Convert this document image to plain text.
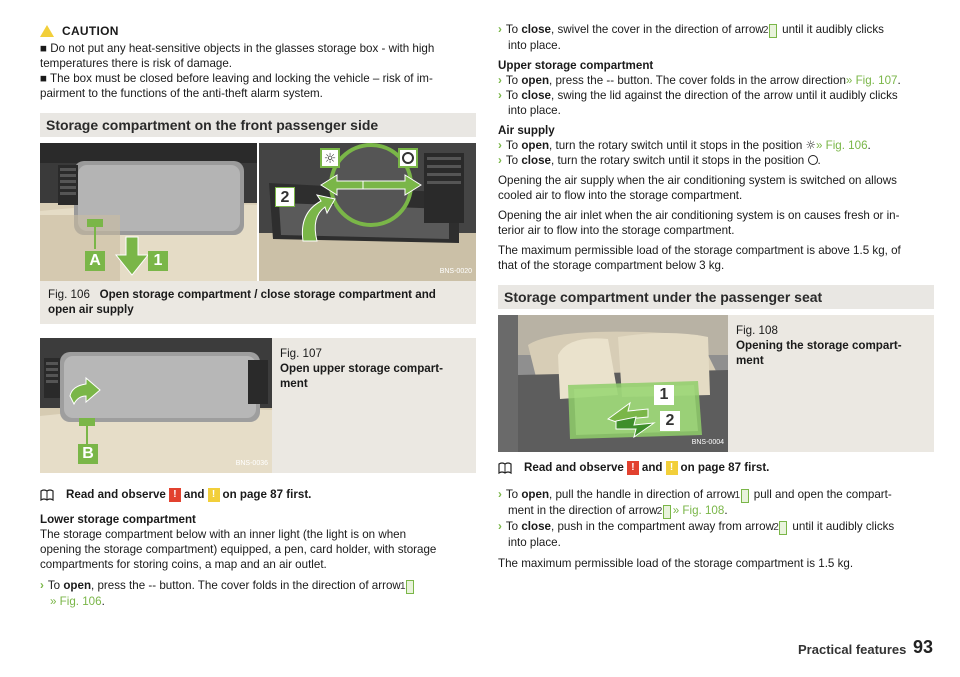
CAUTION

■ Do not put any heat-sensitive objects in the glasses storage box - with high

temperatures there is risk of damage.

■ The box must be closed before leaving and locking the vehicle – risk of im-

pairment to the functions of the anti-theft alarm system.

Storage compartment on the front passenger side
A	1
☼
2
BNS-0020
Fig. 106 Open storage compartment / close storage compartment and
open air supply
B
BNS-0036
Fig. 107
Open upper storage compart-
ment
Read and observe ! and ! on page 87 first.

Lower storage compartment

The storage compartment below with an inner light (the light is on when

opening the storage compartment) equipped, a pen, card holder, with storage

compartments for storing coins, a map and an air outlet.

› To open, press the -- button. The cover folds in the direction of arrow 1
» Fig. 106.

› To close, swivel the cover in the direction of arrow 2 until it audibly clicks
into place.

Upper storage compartment

› To open, press the -- button. The cover folds in the arrow direction» Fig. 107.

› To close, swing the lid against the direction of the arrow until it audibly clicks
into place.

Air supply

› To open, turn the rotary switch until it stops in the position ☼» Fig. 106.

› To close, turn the rotary switch until it stops in the position .

Opening the air supply when the air conditioning system is switched on allows

cooled air to flow into the storage compartment.

Opening the air inlet when the air conditioning system is on causes fresh or in-

terior air to flow into the storage compartment.

The maximum permissible load of the storage compartment is above 1.5 kg, of

that of the storage compartment below 3 kg.

Storage compartment under the passenger seat
1
2
BNS-0004
Fig. 108
Opening the storage compart-
ment
Read and observe ! and ! on page 87 first.

› To open, pull the handle in direction of arrow 1 pull and open the compart-
ment in the direction of arrow 2 » Fig. 108.

› To close, push in the compartment away from arrow 2 until it audibly clicks
into place.

The maximum permissible load of the storage compartment is 1.5 kg.

Practical features 93
